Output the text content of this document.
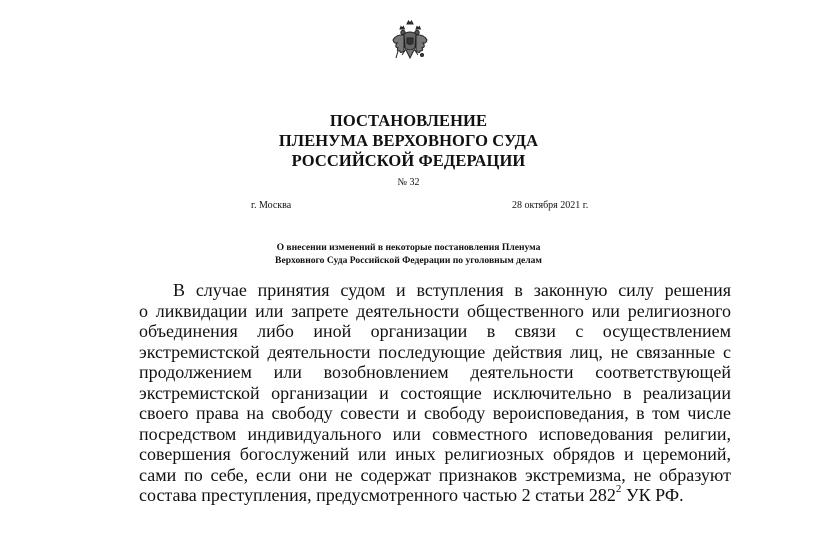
ПОСТАНОВЛЕНИЕ
ПЛЕНУМА ВЕРХОВНОГО СУДА
РОССИЙСКОЙ ФЕДЕРАЦИИ
№ 32
г. Москва	28 октября 2021 г.
О внесении изменений в некоторые постановления Пленума
Верховного Суда Российской Федерации по уголовным делам
В случае принятия судом и вступления в законную силу решения
о ликвидации или запрете деятельности общественного или религиозного
объединения либо иной организации в связи с осуществлением
экстремистской деятельности последующие действия лиц, не связанные с
продолжением или возобновлением деятельности соответствующей
экстремистской организации и состоящие исключительно в реализации
своего права на свободу совести и свободу вероисповедания, в том числе
посредством индивидуального или совместного исповедования религии,
совершения богослужений или иных религиозных обрядов и церемоний,
сами по себе, если они не содержат признаков экстремизма, не образуют
состава преступления, предусмотренного частью 2 статьи $282^2$ УК РФ.
